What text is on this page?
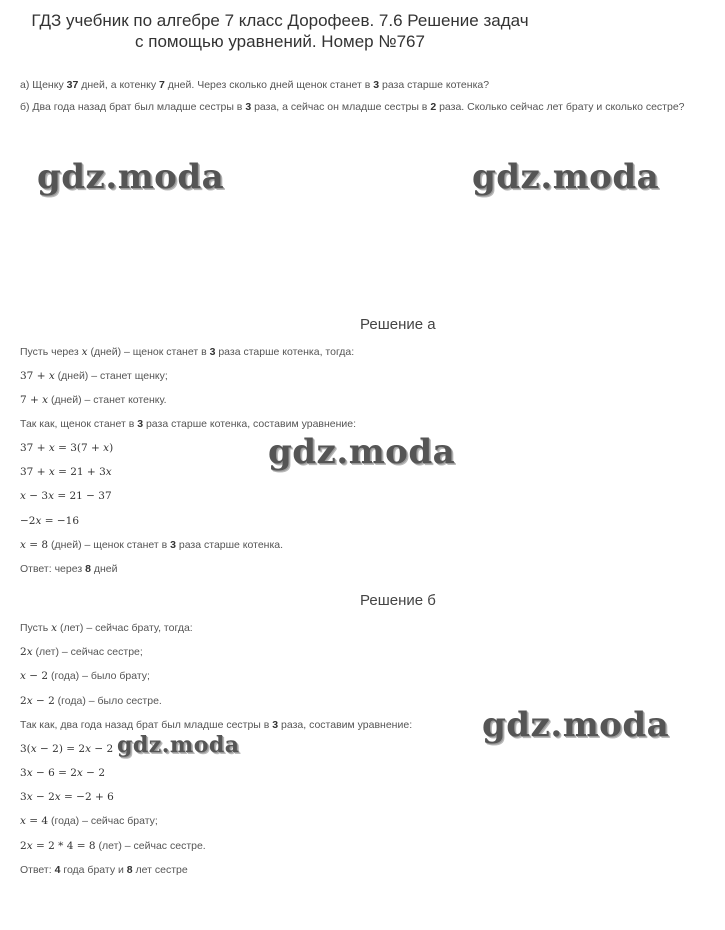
ГДЗ учебник по алгебре 7 класс Дорофеев. 7.6 Решение задач
с помощью уравнений. Номер №767
а) Щенку 37 дней, а котенку 7 дней. Через сколько дней щенок станет в 3 раза старше котенка?
б) Два года назад брат был младше сестры в 3 раза, а сейчас он младше сестры в 2 раза. Сколько сейчас лет брату и сколько сестре?
gdz.moda	gdz.moda
Решение а
Пусть через x (дней) – щенок станет в 3 раза старше котенка, тогда:
37 + x (дней) – станет щенку;
7 + x (дней) – станет котенку.
Так как, щенок станет в 3 раза старше котенка, составим уравнение:
37 + x = 3(7 + x)
37 + x = 21 + 3x
x − 3x = 21 − 37
−2x = −16
x = 8 (дней) – щенок станет в 3 раза старше котенка.
Ответ: через 8 дней
gdz.moda
Решение б
Пусть x (лет) – сейчас брату, тогда:
2x (лет) – сейчас сестре;
x − 2 (года) – было брату;
2x − 2 (года) – было сестре.
Так как, два года назад брат был младше сестры в 3 раза, составим уравнение:
3(x − 2) = 2x − 2
3x − 6 = 2x − 2
3x − 2x = −2 + 6
x = 4 (года) – сейчас брату;
2x = 2 * 4 = 8 (лет) – сейчас сестре.
Ответ: 4 года брату и 8 лет сестре
gdz.moda
gdz.moda
